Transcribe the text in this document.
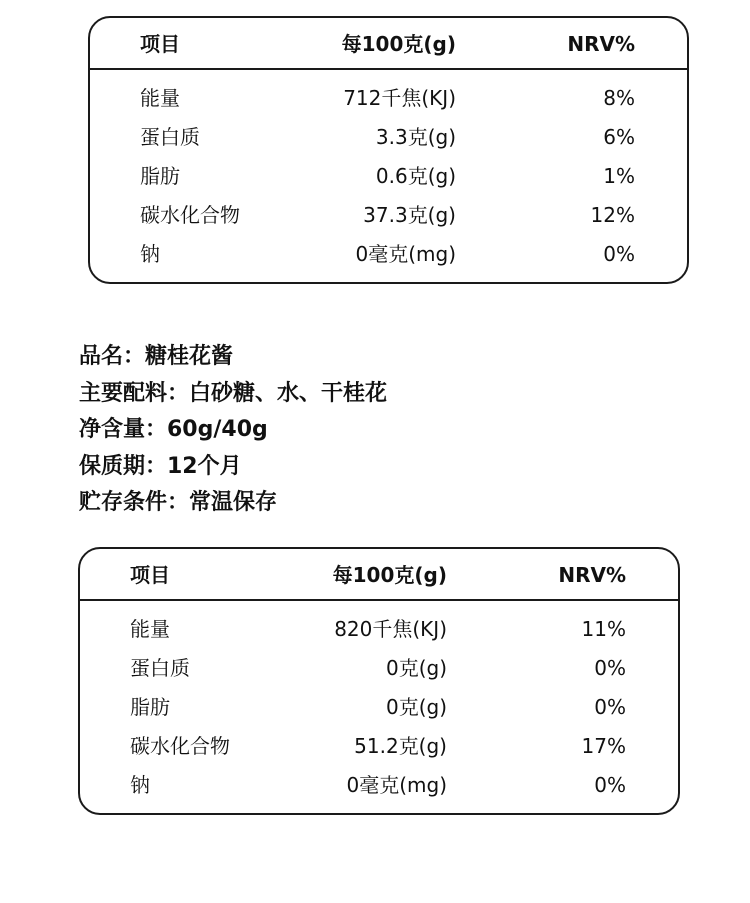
项目	每100克(g)	NRV%
能量	712千焦(KJ)	8%
蛋白质	3.3克(g)	6%
脂肪	0.6克(g)	1%
碳水化合物	37.3克(g)	12%
钠	0毫克(mg)	0%
品名：糖桂花酱
主要配料：白砂糖、水、干桂花
净含量：60g/40g
保质期：12个月
贮存条件：常温保存
项目	每100克(g)	NRV%
能量	820千焦(KJ)	11%
蛋白质	0克(g)	0%
脂肪	0克(g)	0%
碳水化合物	51.2克(g)	17%
钠	0毫克(mg)	0%
